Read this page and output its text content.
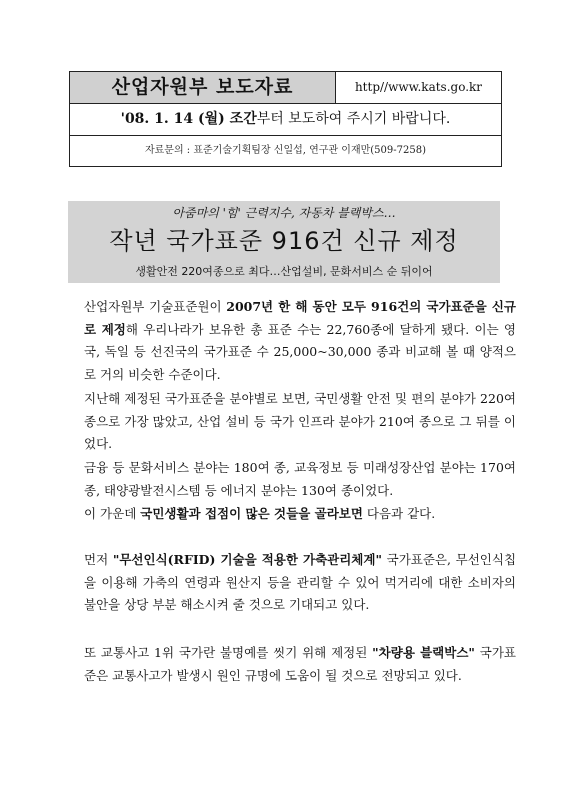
산업자원부 보도자료	http//www.kats.go.kr
'08. 1. 14 (월) 조간부터 보도하여 주시기 바랍니다.
자료문의 : 표준기술기획팀장 신일섭, 연구관 이재만(509-7258)
아줌마의 '힘' 근력지수, 자동차 블랙박스…
작년 국가표준 916건 신규 제정
생활안전 220여종으로 최다…산업설비, 문화서비스 순 뒤이어
산업자원부 기술표준원이 2007년 한 해 동안 모두 916건의 국가표준을 신규로 제정해 우리나라가 보유한 총 표준 수는 22,760종에 달하게 됐다. 이는 영국, 독일 등 선진국의 국가표준 수 25,000~30,000 종과 비교해 볼 때 양적으로 거의 비슷한 수준이다.
지난해 제정된 국가표준을 분야별로 보면, 국민생활 안전 및 편의 분야가 220여 종으로 가장 많았고, 산업 설비 등 국가 인프라 분야가 210여 종으로 그 뒤를 이었다.
금융 등 문화서비스 분야는 180여 종, 교육정보 등 미래성장산업 분야는 170여 종, 태양광발전시스템 등 에너지 분야는 130여 종이었다.
이 가운데 국민생활과 접점이 많은 것들을 골라보면 다음과 같다.
먼저 "무선인식(RFID) 기술을 적용한 가축관리체계" 국가표준은, 무선인식칩을 이용해 가축의 연령과 원산지 등을 관리할 수 있어 먹거리에 대한 소비자의 불안을 상당 부분 해소시켜 줄 것으로 기대되고 있다.
또 교통사고 1위 국가란 불명예를 씻기 위해 제정된 "차량용 블랙박스" 국가표준은 교통사고가 발생시 원인 규명에 도움이 될 것으로 전망되고 있다.
